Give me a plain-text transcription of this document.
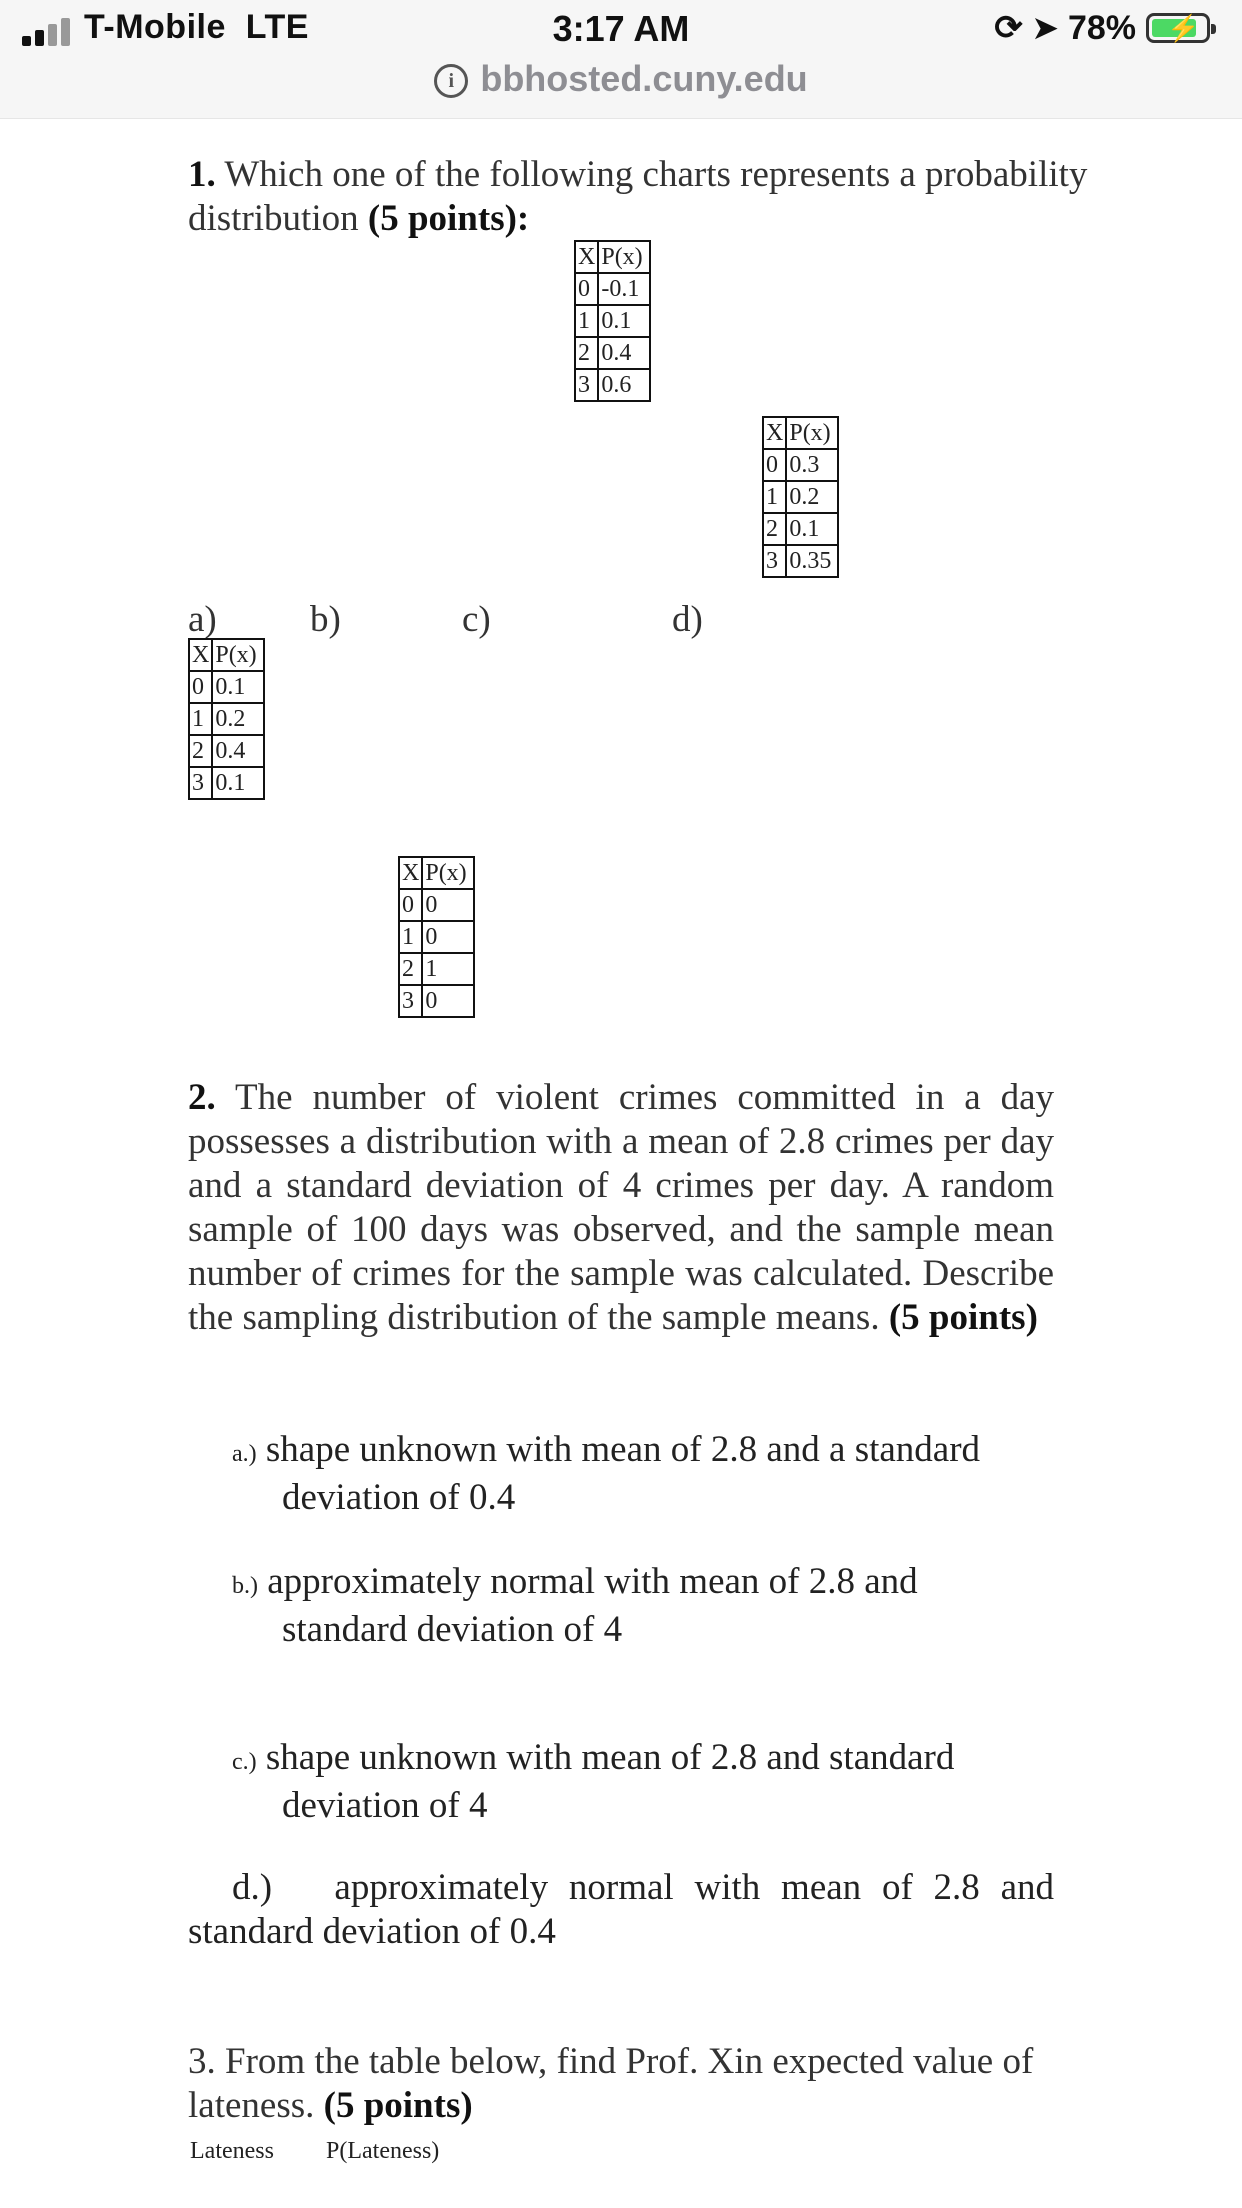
T-Mobile LTE	3:17 AM	⟳ ➤ 78% ⚡
i bbhosted.cuny.edu
1. Which one of the following charts represents a probability distribution (5 points):
X	P(x)
0	-0.1
1	0.1
2	0.4
3	0.6
X	P(x)
0	0.3
1	0.2
2	0.1
3	0.35
a)	b)	c)	d)
X	P(x)
0	0.1
1	0.2
2	0.4
3	0.1
X	P(x)
0	0
1	0
2	1
3	0
2. The number of violent crimes committed in a day possesses a distribution with a mean of 2.8 crimes per day and a standard deviation of 4 crimes per day. A random sample of 100 days was observed, and the sample mean number of crimes for the sample was calculated. Describe the sampling distribution of the sample means. (5 points)
a.) shape unknown with mean of 2.8 and a standard
deviation of 0.4
b.) approximately normal with mean of 2.8 and
standard deviation of 4
c.) shape unknown with mean of 2.8 and standard
deviation of 4
d.) approximately normal with mean of 2.8 and standard deviation of 0.4
3. From the table below, find Prof. Xin expected value of lateness. (5 points)
Lateness P(Lateness)
